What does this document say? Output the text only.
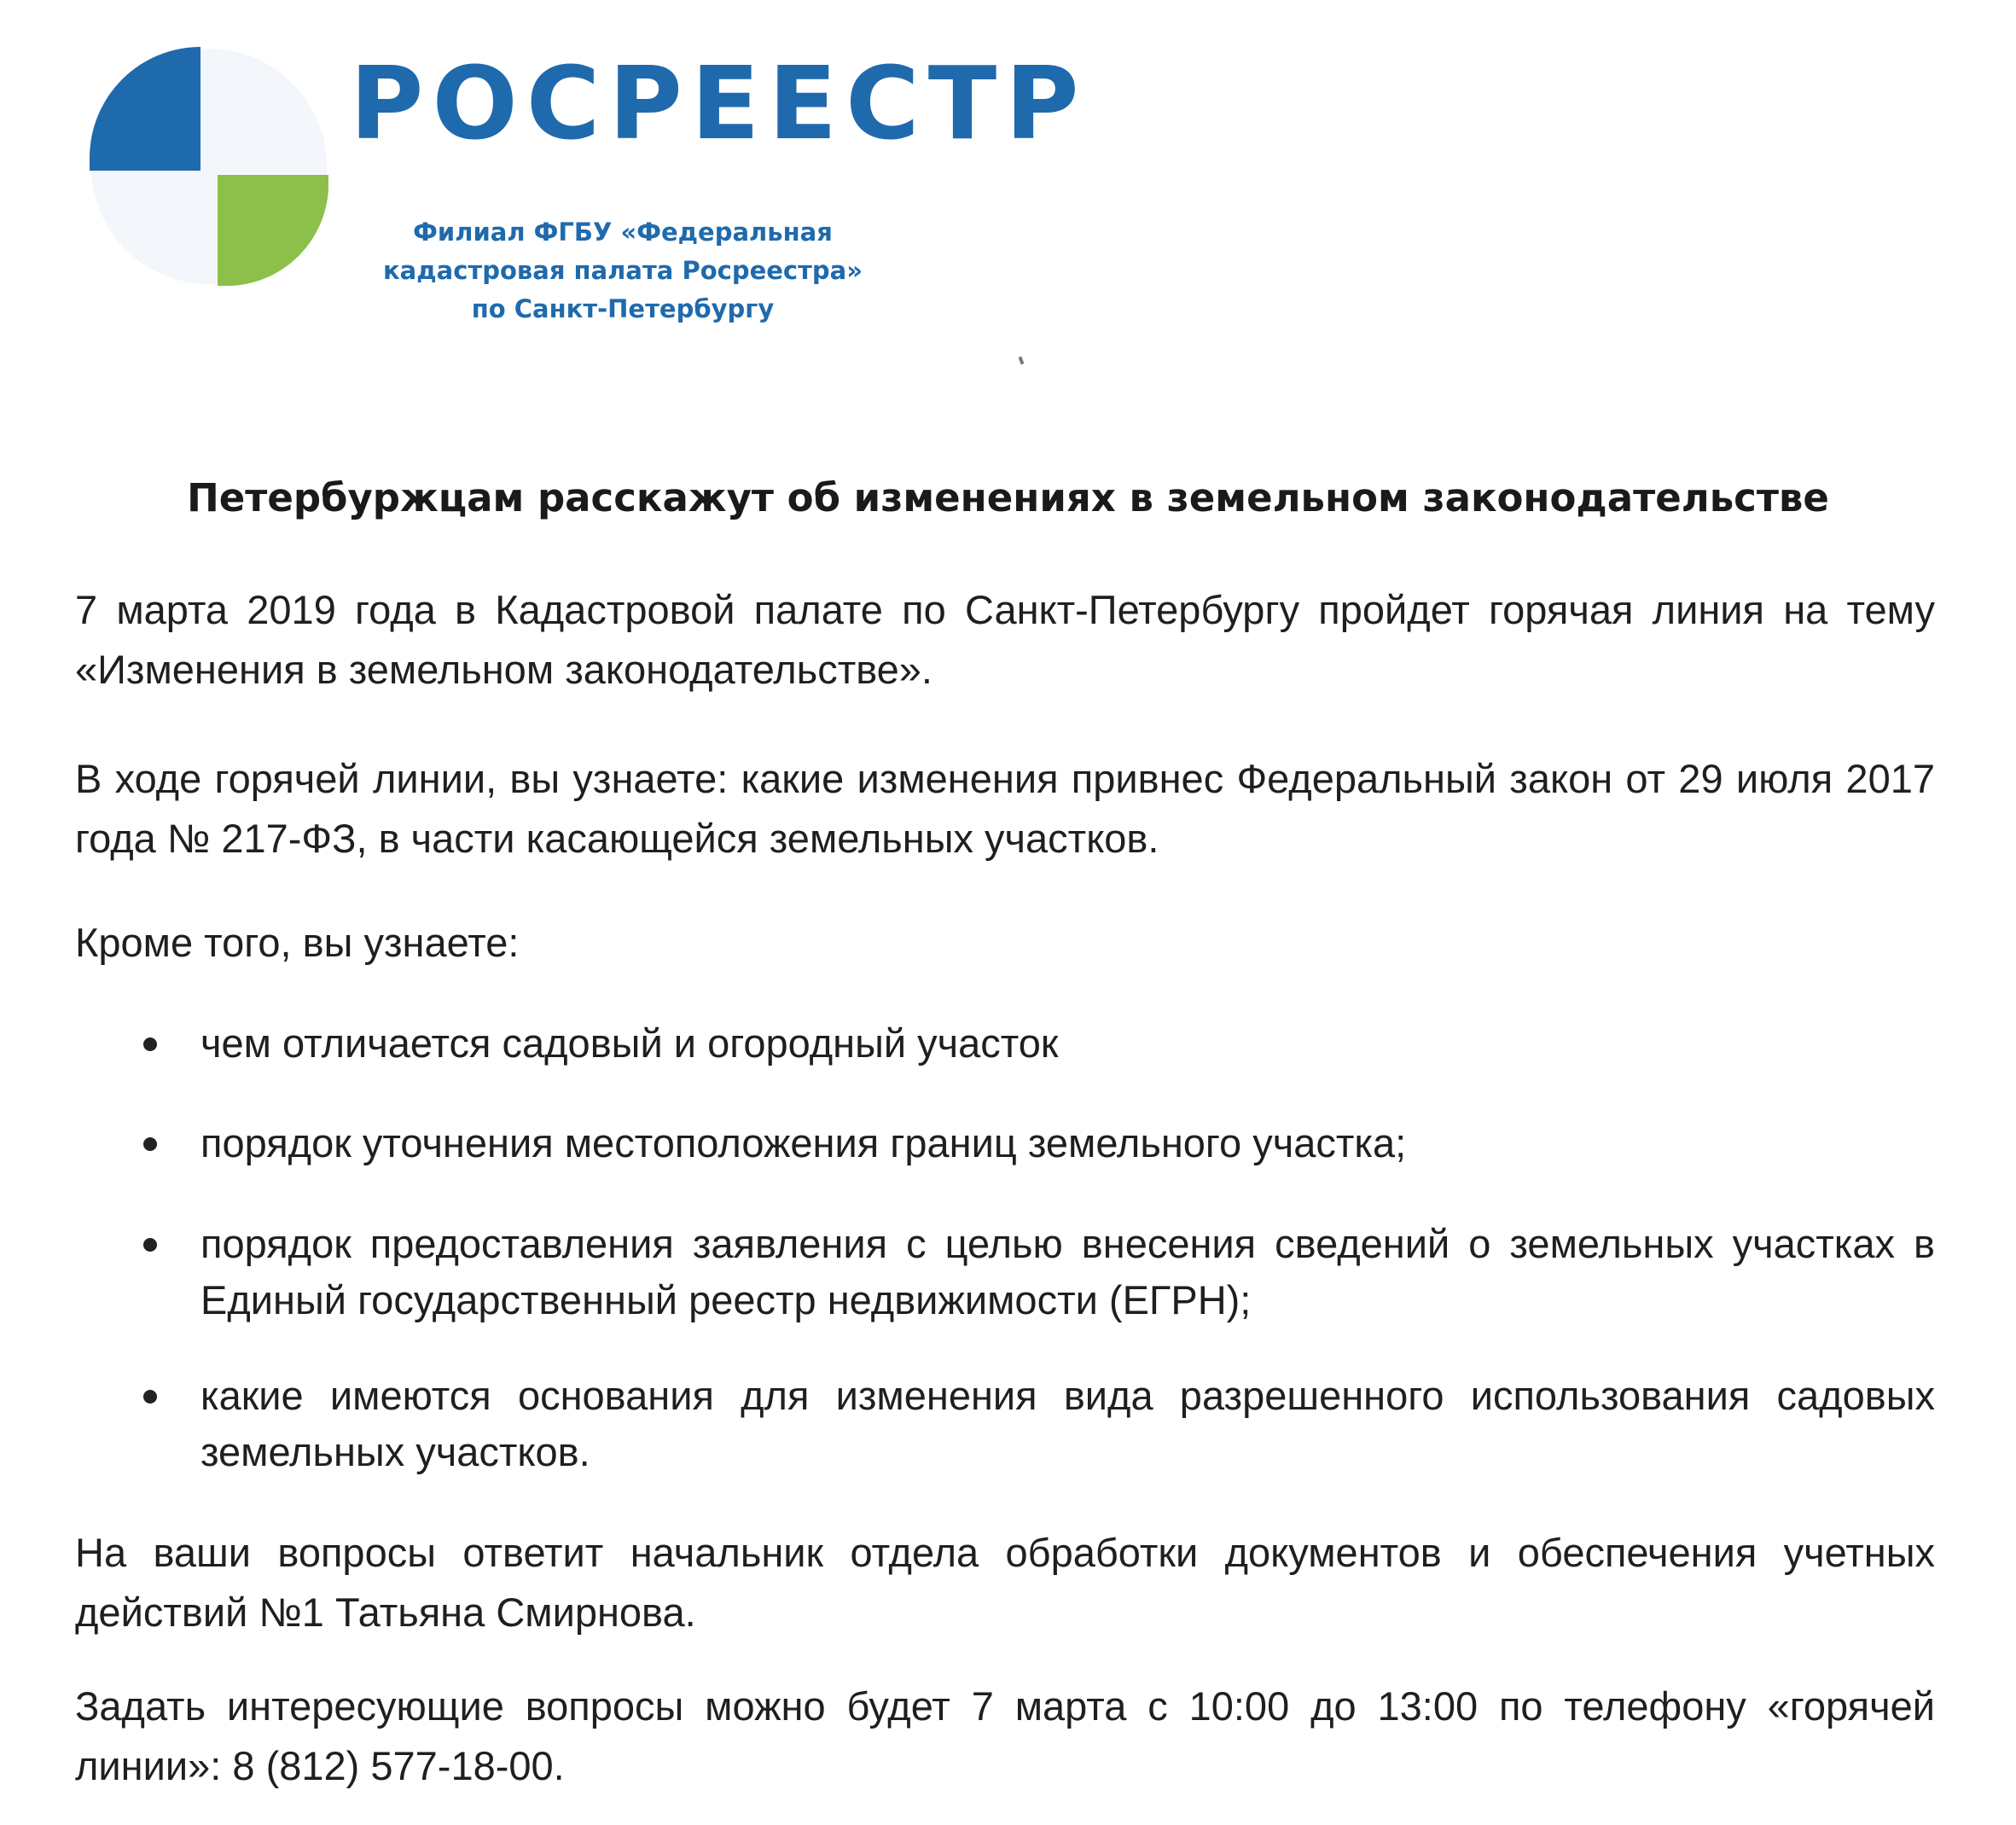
РОСРЕЕСТР
Филиал ФГБУ «Федеральная
кадастровая палата Росреестра»
по Санкт-Петербургу
Петербуржцам расскажут об изменениях в земельном законодательстве

7 марта 2019 года в Кадастровой палате по Санкт-Петербургу пройдет горячая линия на тему «Изменения в земельном законодательстве».

В ходе горячей линии, вы узнаете: какие изменения привнес Федеральный закон от 29 июля 2017 года № 217-ФЗ, в части касающейся земельных участков.

Кроме того, вы узнаете:

чем отличается садовый и огородный участок
порядок уточнения местоположения границ земельного участка;
порядок предоставления заявления с целью внесения сведений о земельных участках в Единый государственный реестр недвижимости (ЕГРН);
какие имеются основания для изменения вида разрешенного использования садовых земельных участков.

На ваши вопросы ответит начальник отдела обработки документов и обеспечения учетных действий №1 Татьяна Смирнова.

Задать интересующие вопросы можно будет 7 марта с 10:00 до 13:00 по телефону «горячей линии»: 8 (812) 577-18-00.
